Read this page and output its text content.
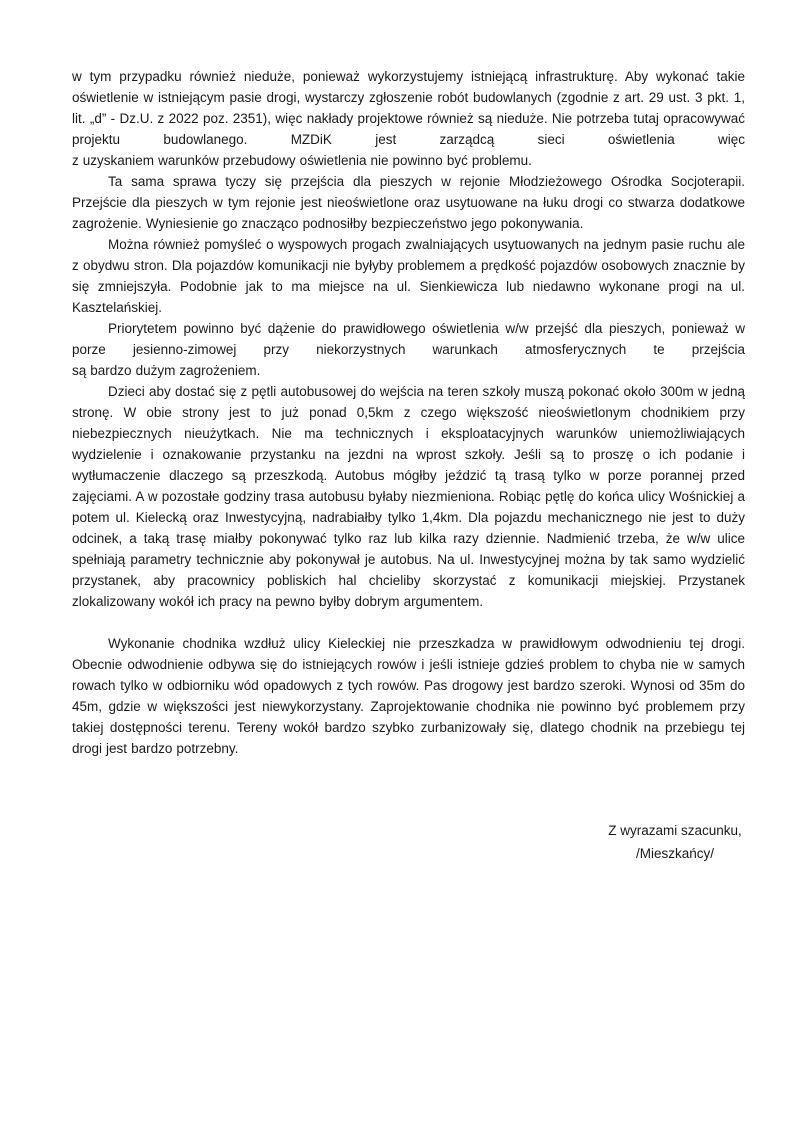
w tym przypadku również nieduże, ponieważ wykorzystujemy istniejącą infrastrukturę. Aby wykonać takie oświetlenie w istniejącym pasie drogi, wystarczy zgłoszenie robót budowlanych (zgodnie z art. 29 ust. 3 pkt. 1, lit. „d” - Dz.U. z 2022 poz. 2351), więc nakłady projektowe również są nieduże. Nie potrzeba tutaj opracowywać projektu budowlanego. MZDiK jest zarządcą sieci oświetlenia więc

z uzyskaniem warunków przebudowy oświetlenia nie powinno być problemu.

Ta sama sprawa tyczy się przejścia dla pieszych w rejonie Młodzieżowego Ośrodka Socjoterapii. Przejście dla pieszych w tym rejonie jest nieoświetlone oraz usytuowane na łuku drogi co stwarza dodatkowe zagrożenie. Wyniesienie go znacząco podnosiłby bezpieczeństwo jego pokonywania.

Można również pomyśleć o wyspowych progach zwalniających usytuowanych na jednym pasie ruchu ale z obydwu stron. Dla pojazdów komunikacji nie byłyby problemem a prędkość pojazdów osobowych znacznie by się zmniejszyła. Podobnie jak to ma miejsce na ul. Sienkiewicza lub niedawno wykonane progi na ul. Kasztelańskiej.

Priorytetem powinno być dążenie do prawidłowego oświetlenia w/w przejść dla pieszych, ponieważ w porze jesienno-zimowej przy niekorzystnych warunkach atmosferycznych te przejścia

są bardzo dużym zagrożeniem.

Dzieci aby dostać się z pętli autobusowej do wejścia na teren szkoły muszą pokonać około 300m w jedną stronę. W obie strony jest to już ponad 0,5km z czego większość nieoświetlonym chodnikiem przy niebezpiecznych nieużytkach. Nie ma technicznych i eksploatacyjnych warunków uniemożliwiających wydzielenie i oznakowanie przystanku na jezdni na wprost szkoły. Jeśli są to proszę o ich podanie i wytłumaczenie dlaczego są przeszkodą. Autobus mógłby jeździć tą trasą tylko w porze porannej przed zajęciami. A w pozostałe godziny trasa autobusu byłaby niezmieniona. Robiąc pętlę do końca ulicy Wośnickiej a potem ul. Kielecką oraz Inwestycyjną, nadrabiałby tylko 1,4km. Dla pojazdu mechanicznego nie jest to duży odcinek, a taką trasę miałby pokonywać tylko raz lub kilka razy dziennie. Nadmienić trzeba, że w/w ulice spełniają parametry technicznie aby pokonywał je autobus. Na ul. Inwestycyjnej można by tak samo wydzielić przystanek, aby pracownicy pobliskich hal chcieliby skorzystać z komunikacji miejskiej. Przystanek zlokalizowany wokół ich pracy na pewno byłby dobrym argumentem.

Wykonanie chodnika wzdłuż ulicy Kieleckiej nie przeszkadza w prawidłowym odwodnieniu tej drogi. Obecnie odwodnienie odbywa się do istniejących rowów i jeśli istnieje gdzieś problem to chyba nie w samych rowach tylko w odbiorniku wód opadowych z tych rowów. Pas drogowy jest bardzo szeroki. Wynosi od 35m do 45m, gdzie w większości jest niewykorzystany. Zaprojektowanie chodnika nie powinno być problemem przy takiej dostępności terenu. Tereny wokół bardzo szybko zurbanizowały się, dlatego chodnik na przebiegu tej drogi jest bardzo potrzebny.

Z wyrazami szacunku,

/Mieszkańcy/
